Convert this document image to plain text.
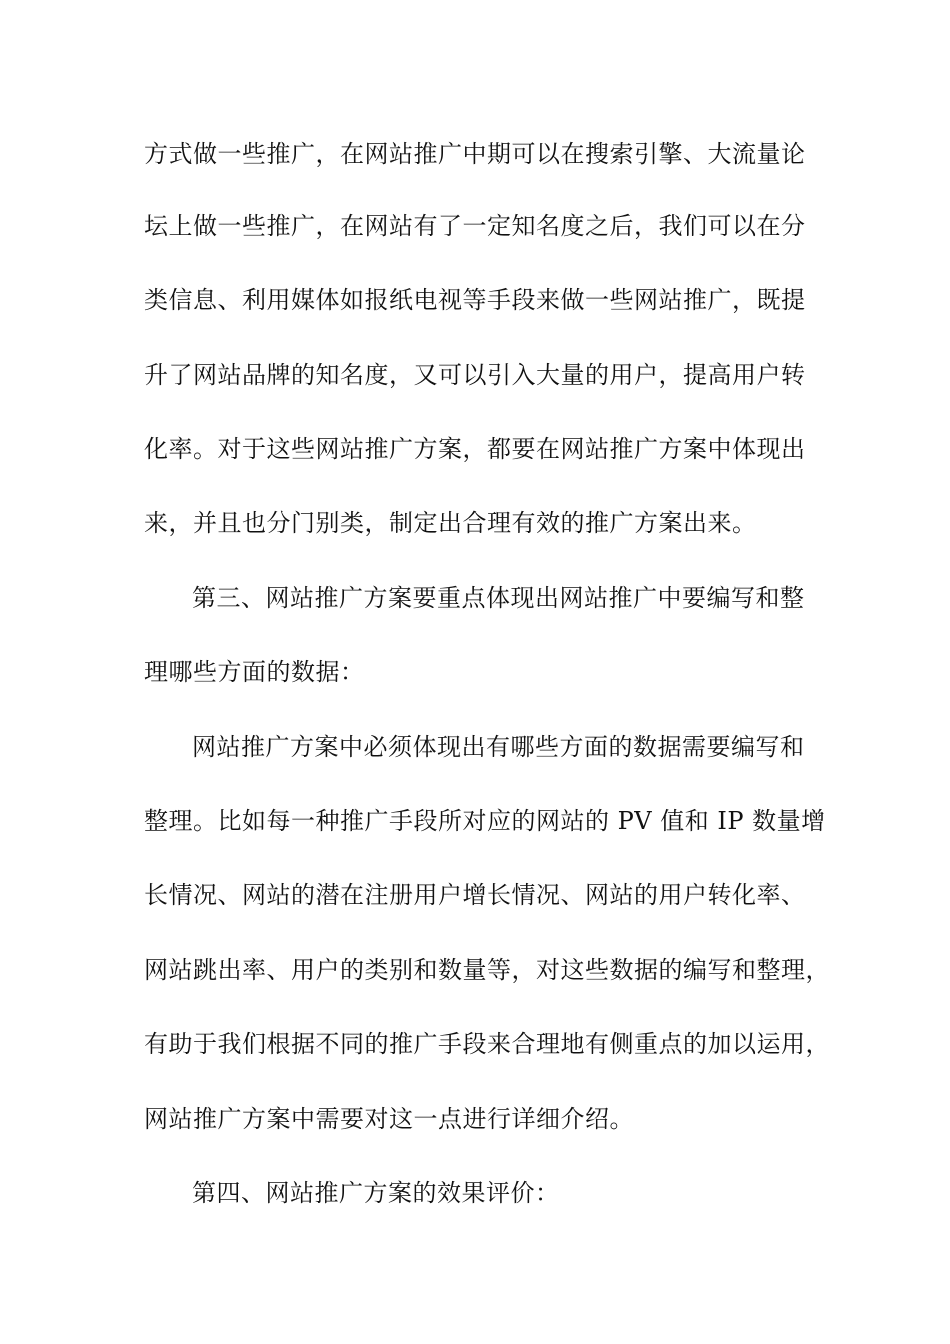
方式做一些推广，在网站推广中期可以在搜索引擎、大流量论
坛上做一些推广，在网站有了一定知名度之后，我们可以在分
类信息、利用媒体如报纸电视等手段来做一些网站推广，既提
升了网站品牌的知名度，又可以引入大量的用户，提高用户转
化率。对于这些网站推广方案，都要在网站推广方案中体现出
来，并且也分门别类，制定出合理有效的推广方案出来。
第三、网站推广方案要重点体现出网站推广中要编写和整
理哪些方面的数据：
网站推广方案中必须体现出有哪些方面的数据需要编写和
整理。比如每一种推广手段所对应的网站的 PV 值和 IP 数量增
长情况、网站的潜在注册用户增长情况、网站的用户转化率、
网站跳出率、用户的类别和数量等，对这些数据的编写和整理，
有助于我们根据不同的推广手段来合理地有侧重点的加以运用，
网站推广方案中需要对这一点进行详细介绍。
第四、网站推广方案的效果评价：
